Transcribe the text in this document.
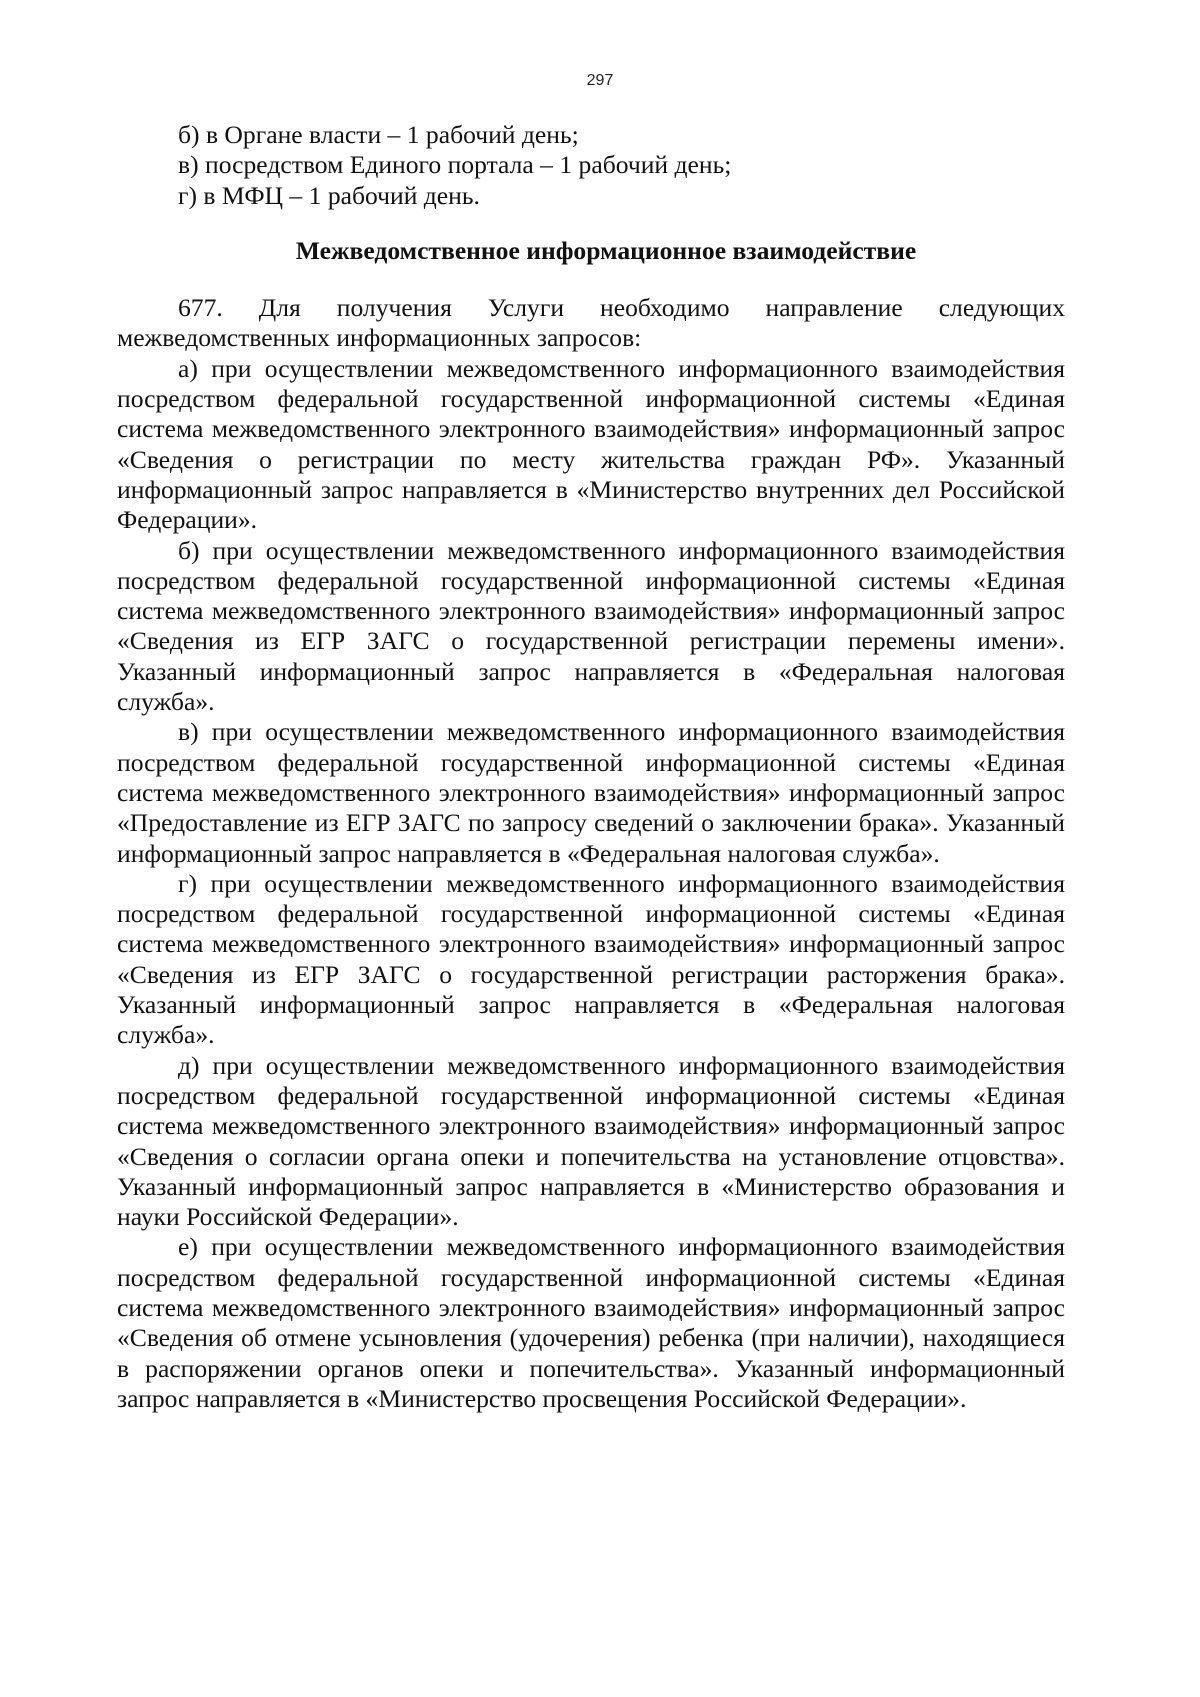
297

б) в Органе власти – 1 рабочий день;

в) посредством Единого портала – 1 рабочий день;

г) в МФЦ – 1 рабочий день.

Межведомственное информационное взаимодействие

677. Для получения Услуги необходимо направление следующих межведомственных информационных запросов:

а) при осуществлении межведомственного информационного взаимодействия посредством федеральной государственной информационной системы «Единая система межведомственного электронного взаимодействия» информационный запрос «Сведения о регистрации по месту жительства граждан РФ». Указанный информационный запрос направляется в «Министерство внутренних дел Российской Федерации».

б) при осуществлении межведомственного информационного взаимодействия посредством федеральной государственной информационной системы «Единая система межведомственного электронного взаимодействия» информационный запрос «Сведения из ЕГР ЗАГС о государственной регистрации перемены имени». Указанный информационный запрос направляется в «Федеральная налоговая служба».

в) при осуществлении межведомственного информационного взаимодействия посредством федеральной государственной информационной системы «Единая система межведомственного электронного взаимодействия» информационный запрос «Предоставление из ЕГР ЗАГС по запросу сведений о заключении брака». Указанный информационный запрос направляется в «Федеральная налоговая служба».

г) при осуществлении межведомственного информационного взаимодействия посредством федеральной государственной информационной системы «Единая система межведомственного электронного взаимодействия» информационный запрос «Сведения из ЕГР ЗАГС о государственной регистрации расторжения брака». Указанный информационный запрос направляется в «Федеральная налоговая служба».

д) при осуществлении межведомственного информационного взаимодействия посредством федеральной государственной информационной системы «Единая система межведомственного электронного взаимодействия» информационный запрос «Сведения о согласии органа опеки и попечительства на установление отцовства». Указанный информационный запрос направляется в «Министерство образования и науки Российской Федерации».

е) при осуществлении межведомственного информационного взаимодействия посредством федеральной государственной информационной системы «Единая система межведомственного электронного взаимодействия» информационный запрос «Сведения об отмене усыновления (удочерения) ребенка (при наличии), находящиеся в распоряжении органов опеки и попечительства». Указанный информационный запрос направляется в «Министерство просвещения Российской Федерации».
